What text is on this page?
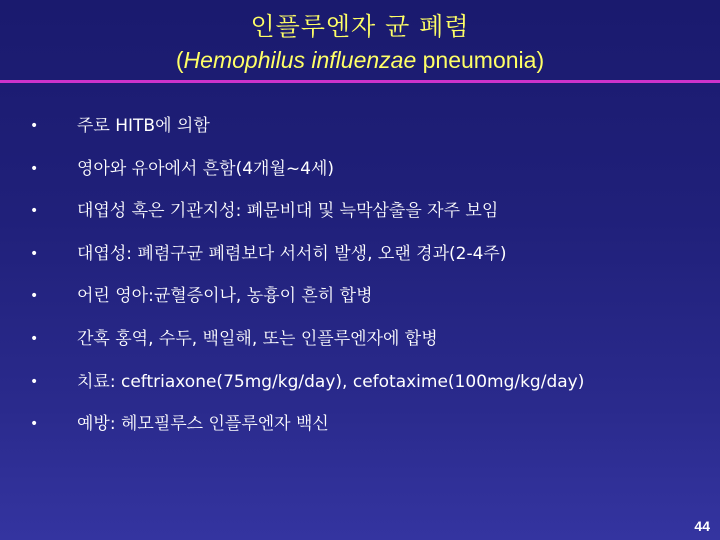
인플루엔자 균 폐렴
(Hemophilus influenzae pneumonia)
• 주로 HITB에 의함
• 영아와 유아에서 흔함(4개월~4세)
• 대엽성 혹은 기관지성: 폐문비대 및 늑막삼출을 자주 보임
• 대엽성: 폐렴구균 폐렴보다 서서히 발생, 오랜 경과(2-4주)
• 어린 영아:균혈증이나, 농흉이 흔히 합병
• 간혹 홍역, 수두, 백일해, 또는 인플루엔자에 합병
• 치료: ceftriaxone(75mg/kg/day), cefotaxime(100mg/kg/day)
• 예방: 헤모필루스 인플루엔자 백신
44
